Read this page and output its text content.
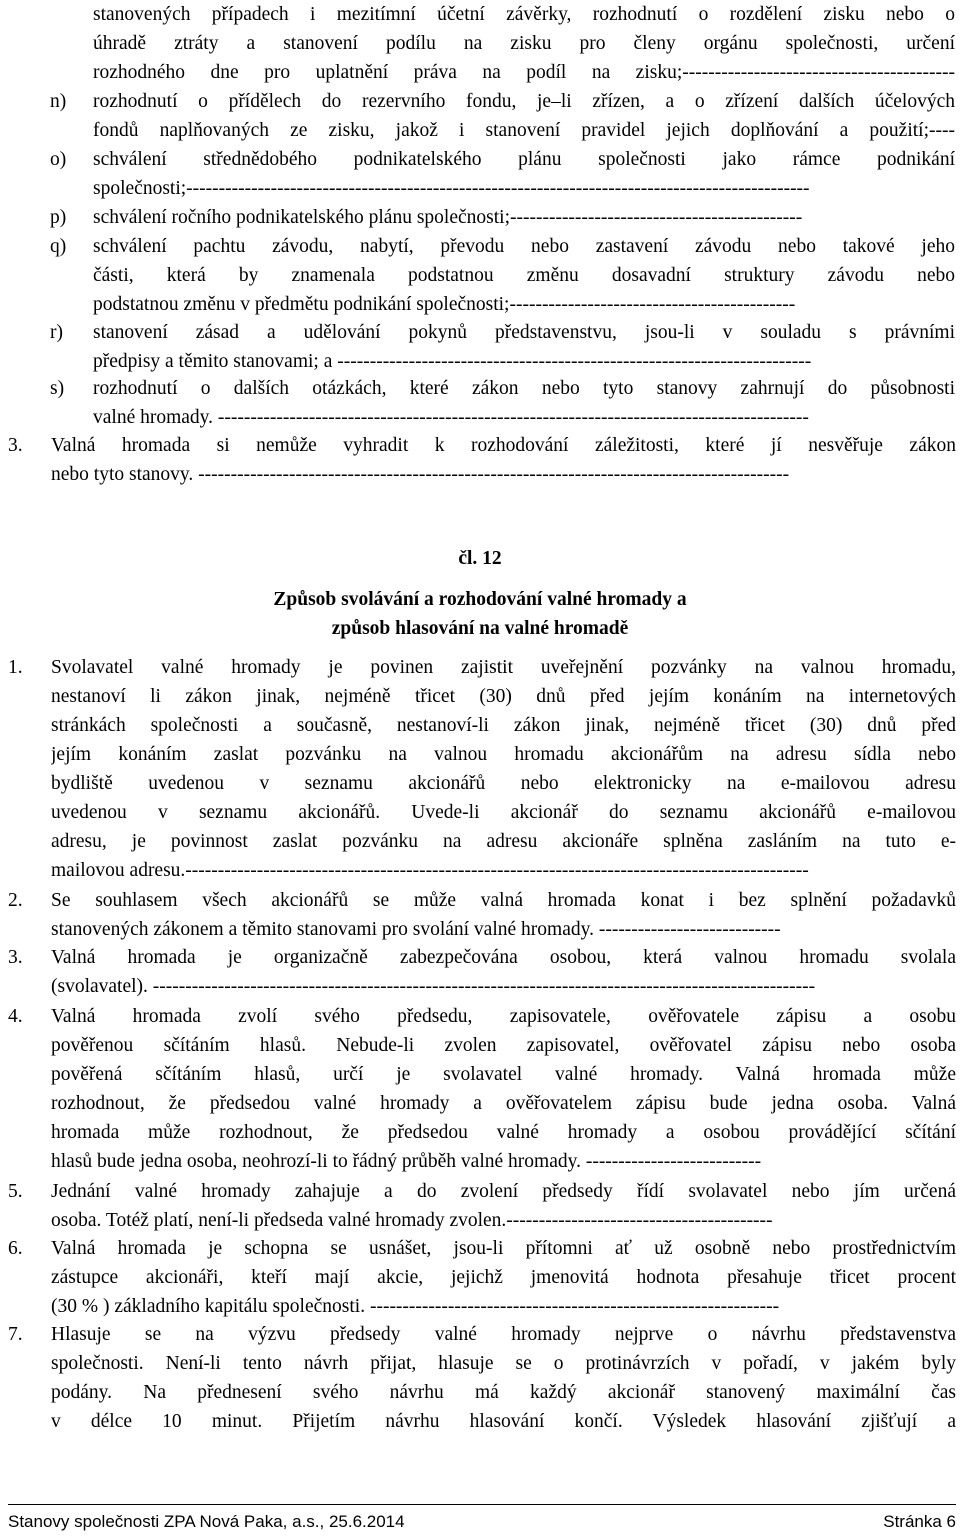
stanovených případech i mezitímní účetní závěrky, rozhodnutí o rozdělení zisku nebo o
úhradě ztráty a stanovení podílu na zisku pro členy orgánu společnosti, určení
rozhodného dne pro uplatnění práva na podíl na zisku;------------------------------------------
n)	rozhodnutí o přídělech do rezervního fondu, je–li zřízen, a o zřízení dalších účelových
fondů naplňovaných ze zisku, jakož i stanovení pravidel jejich doplňování a použití;----
o)	schválení střednědobého podnikatelského plánu společnosti jako rámce podnikání
společnosti;------------------------------------------------------------------------------------------------
p)	schválení ročního podnikatelského plánu společnosti;---------------------------------------------
q)	schválení pachtu závodu, nabytí, převodu nebo zastavení závodu nebo takové jeho
části, která by znamenala podstatnou změnu dosavadní struktury závodu nebo
podstatnou změnu v předmětu podnikání společnosti;--------------------------------------------
r)	stanovení zásad a udělování pokynů představenstvu, jsou-li v souladu s právními
předpisy a těmito stanovami; a -------------------------------------------------------------------------
s)	rozhodnutí o dalších otázkách, které zákon nebo tyto stanovy zahrnují do působnosti
valné hromady. -------------------------------------------------------------------------------------------
3.	Valná hromada si nemůže vyhradit k rozhodování záležitosti, které jí nesvěřuje zákon
nebo tyto stanovy. -------------------------------------------------------------------------------------------
čl. 12
Způsob svolávání a rozhodování valné hromady a
způsob hlasování na valné hromadě
1.	Svolavatel valné hromady je povinen zajistit uveřejnění pozvánky na valnou hromadu,
nestanoví li zákon jinak, nejméně třicet (30) dnů před jejím konáním na internetových
stránkách společnosti a současně, nestanoví-li zákon jinak, nejméně třicet (30) dnů před
jejím konáním zaslat pozvánku na valnou hromadu akcionářům na adresu sídla nebo
bydliště uvedenou v seznamu akcionářů nebo elektronicky na e-mailovou adresu
uvedenou v seznamu akcionářů. Uvede-li akcionář do seznamu akcionářů e-mailovou
adresu, je povinnost zaslat pozvánku na adresu akcionáře splněna zasláním na tuto e-
mailovou adresu.------------------------------------------------------------------------------------------------
2.	Se souhlasem všech akcionářů se může valná hromada konat i bez splnění požadavků
stanovených zákonem a těmito stanovami pro svolání valné hromady. ----------------------------
3.	Valná hromada je organizačně zabezpečována osobou, která valnou hromadu svolala
(svolavatel). ------------------------------------------------------------------------------------------------------
4.	Valná hromada zvolí svého předsedu, zapisovatele, ověřovatele zápisu a osobu
pověřenou sčítáním hlasů. Nebude-li zvolen zapisovatel, ověřovatel zápisu nebo osoba
pověřená sčítáním hlasů, určí je svolavatel valné hromady. Valná hromada může
rozhodnout, že předsedou valné hromady a ověřovatelem zápisu bude jedna osoba. Valná
hromada může rozhodnout, že předsedou valné hromady a osobou provádějící sčítání
hlasů bude jedna osoba, neohrozí-li to řádný průběh valné hromady. ---------------------------
5.	Jednání valné hromady zahajuje a do zvolení předsedy řídí svolavatel nebo jím určená
osoba. Totéž platí, není-li předseda valné hromady zvolen.-----------------------------------------
6.	Valná hromada je schopna se usnášet, jsou-li přítomni ať už osobně nebo prostřednictvím
zástupce akcionáři, kteří mají akcie, jejichž jmenovitá hodnota přesahuje třicet procent
(30 % ) základního kapitálu společnosti. ---------------------------------------------------------------
7.	Hlasuje se na výzvu předsedy valné hromady nejprve o návrhu představenstva
společnosti. Není-li tento návrh přijat, hlasuje se o protinávrzích v pořadí, v jakém byly
podány. Na přednesení svého návrhu má každý akcionář stanovený maximální čas
v délce 10 minut. Přijetím návrhu hlasování končí. Výsledek hlasování zjišťují a
Stanovy společnosti ZPA Nová Paka, a.s., 25.6.2014	Stránka 6
